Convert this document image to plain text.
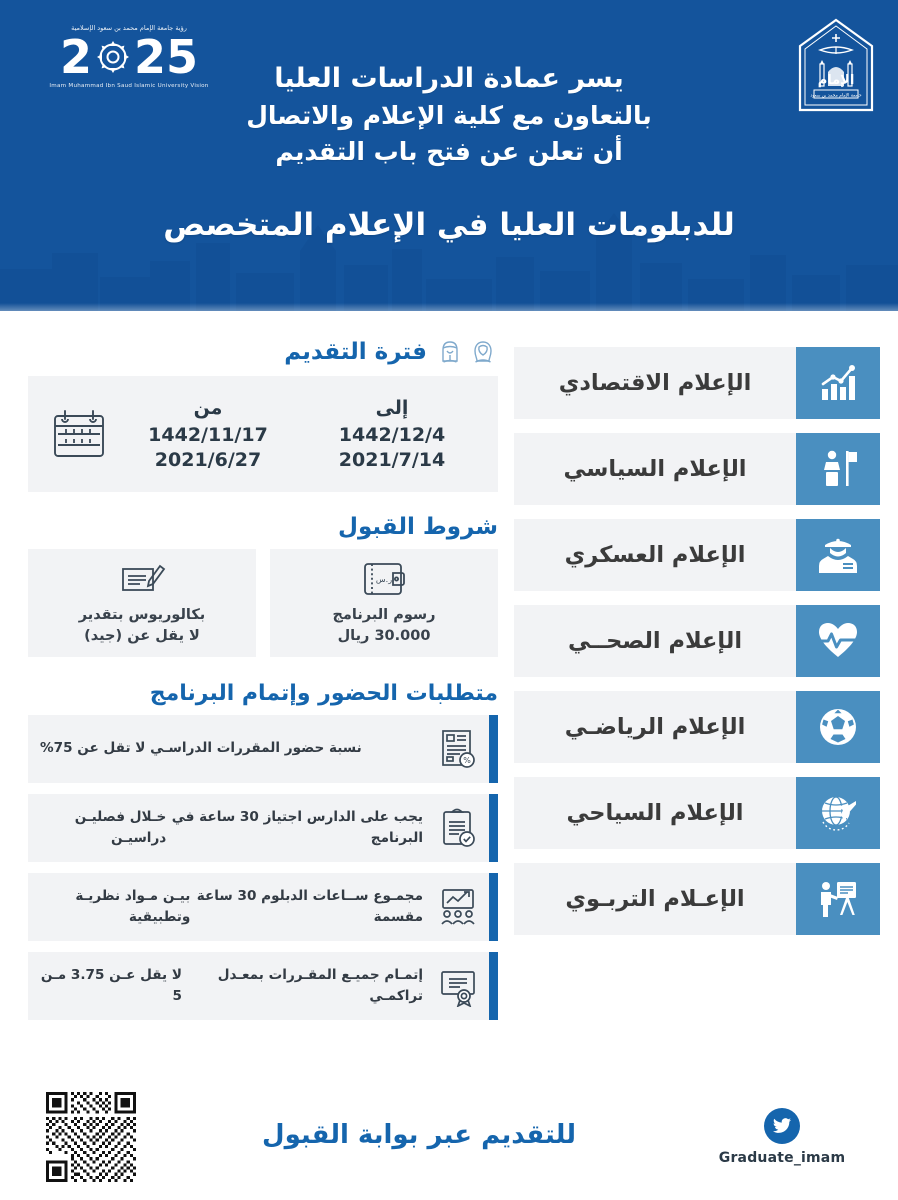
رؤية جامعة الإمام محمد بن سعود الإسلامية
2 25
Imam Muhammad Ibn Saud Islamic University Vision	الإمام
جامعة الإمام محمد بن سعود
يسر عمادة الدراسات العليا
بالتعاون مع كلية الإعلام والاتصال
أن تعلن عن فتح باب التقديم
للدبلومات العليا في الإعلام المتخصص
الإعلام الاقتصادي
الإعلام السياسي
الإعلام العسكري
الإعلام الصحــي
الإعلام الرياضـي
الإعلام السياحي
الإعـلام التربـوي
فترة التقديم
إلى
1442/12/4
2021/7/14
من
1442/11/17
2021/6/27
شروط القبول
ر.س
رسوم البرنامج
30.000 ريال
بكالوريوس بتقدير
لا يقل عن (جيد)
متطلبات الحضور وإتمام البرنامج
%
نسبة حضور المقررات الدراسـي لا تقل عن 75%
يجب على الدارس اجتياز 30 ساعة في البرنامج

خـلال فصليـن دراسيـن
مجمـوع ســاعات الدبلوم 30 ساعة مقسمة

بيـن مـواد نظريـة وتطبيقية
إتمـام جميـع المقـررات بمعـدل تراكمـي

لا يقل عـن 3.75 مـن 5
Graduate_imam
للتقديم عبر بوابة القبول
